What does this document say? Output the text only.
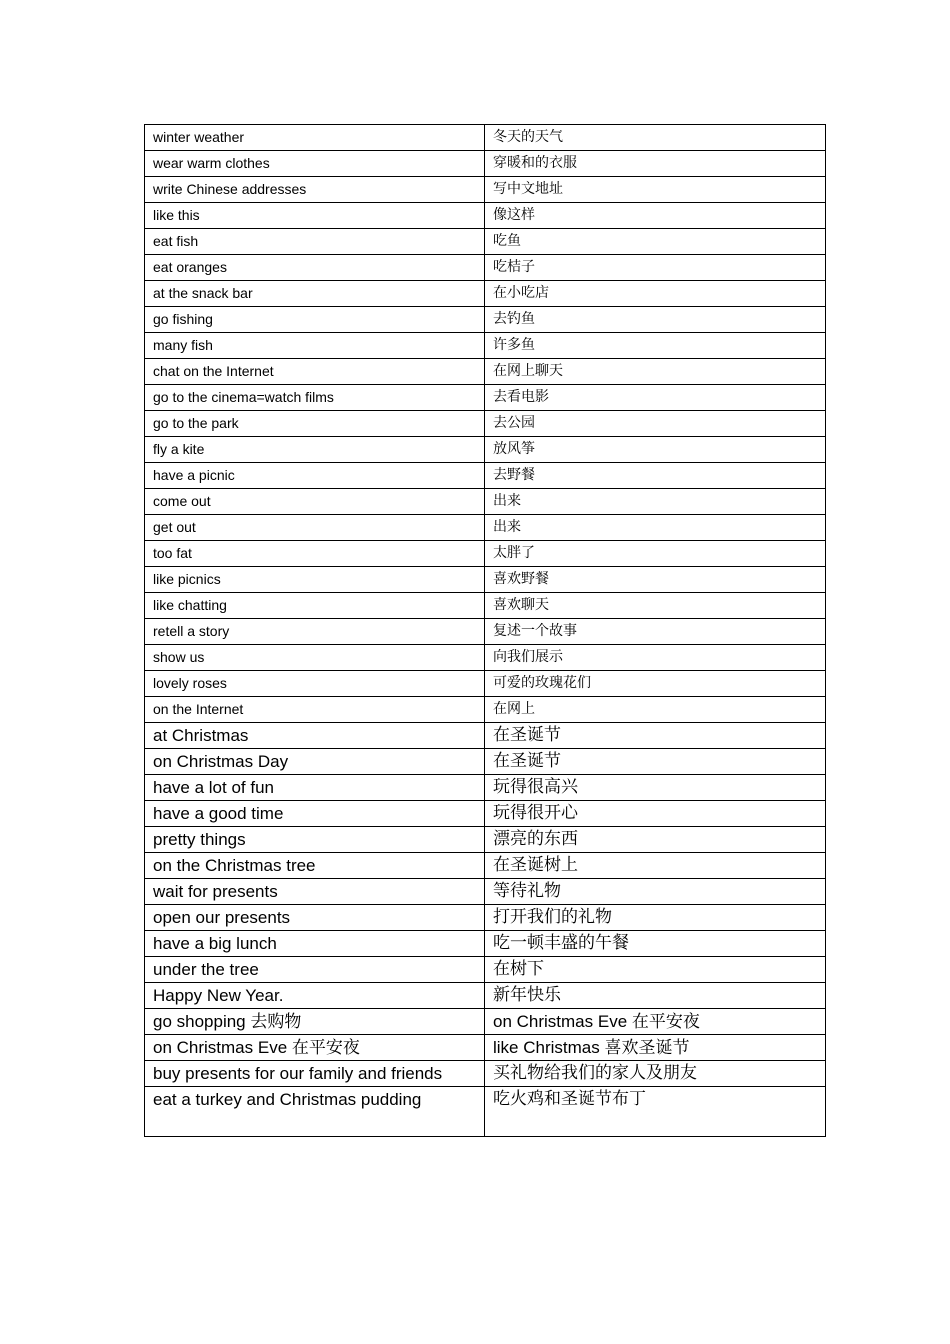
winter weather	冬天的天气
wear warm clothes	穿暖和的衣服
write Chinese addresses	写中文地址
like this	像这样
eat fish	吃鱼
eat oranges	吃桔子
at the snack bar	在小吃店
go fishing	去钓鱼
many fish	许多鱼
chat on the Internet	在网上聊天
go to the cinema=watch films	去看电影
go to the park	去公园
fly a kite	放风筝
have a picnic	去野餐
come out	出来
get out	出来
too fat	太胖了
like picnics	喜欢野餐
like chatting	喜欢聊天
retell a story	复述一个故事
show us	向我们展示
lovely roses	可爱的玫瑰花们
on the Internet	在网上
at Christmas	在圣诞节
on Christmas Day	在圣诞节
have a lot of fun	玩得很高兴
have a good time	玩得很开心
pretty things	漂亮的东西
on the Christmas tree	在圣诞树上
wait for presents	等待礼物
open our presents	打开我们的礼物
have a big lunch	吃一顿丰盛的午餐
under the tree	在树下
Happy New Year.	新年快乐
go shopping 去购物	on Christmas Eve 在平安夜
on Christmas Eve 在平安夜	like Christmas 喜欢圣诞节
buy presents for our family and friends	买礼物给我们的家人及朋友
eat a turkey and Christmas pudding	吃火鸡和圣诞节布丁
